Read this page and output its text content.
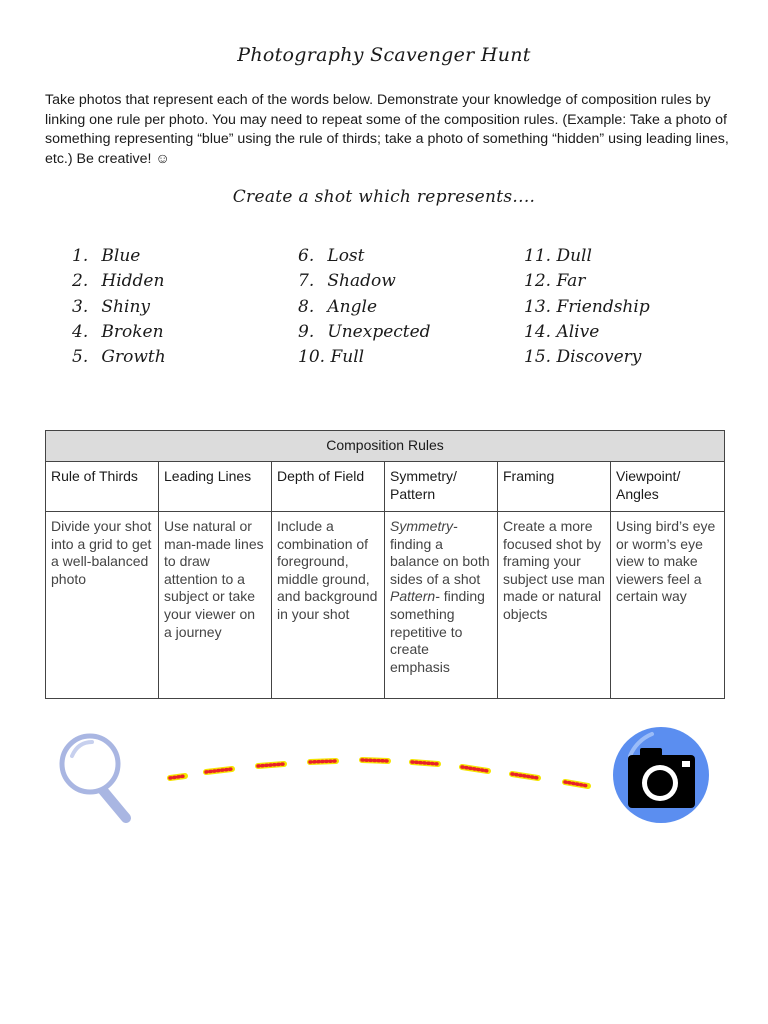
Photography Scavenger Hunt
Take photos that represent each of the words below. Demonstrate your knowledge of composition rules by linking one rule per photo. You may need to repeat some of the composition rules. (Example: Take a photo of something representing “blue” using the rule of thirds; take a photo of something “hidden” using leading lines, etc.) Be creative! ☺
Create a shot which represents....
1. Blue
2. Hidden
3. Shiny
4. Broken
5. Growth
6. Lost
7. Shadow
8. Angle
9. Unexpected
10. Full
11. Dull
12. Far
13. Friendship
14. Alive
15. Discovery
Composition Rules					
Rule of Thirds	Leading Lines	Depth of Field	Symmetry/ Pattern	Framing	Viewpoint/ Angles
Divide your shot into a grid to get a well-balanced photo	Use natural or man-made lines to draw attention to a subject or take your viewer on a journey	Include a combination of foreground, middle ground, and background in your shot	Symmetry- finding a balance on both sides of a shot
Pattern- finding something repetitive to create emphasis	Create a more focused shot by framing your subject use man made or natural objects	Using bird’s eye or worm’s eye view to make viewers feel a certain way
